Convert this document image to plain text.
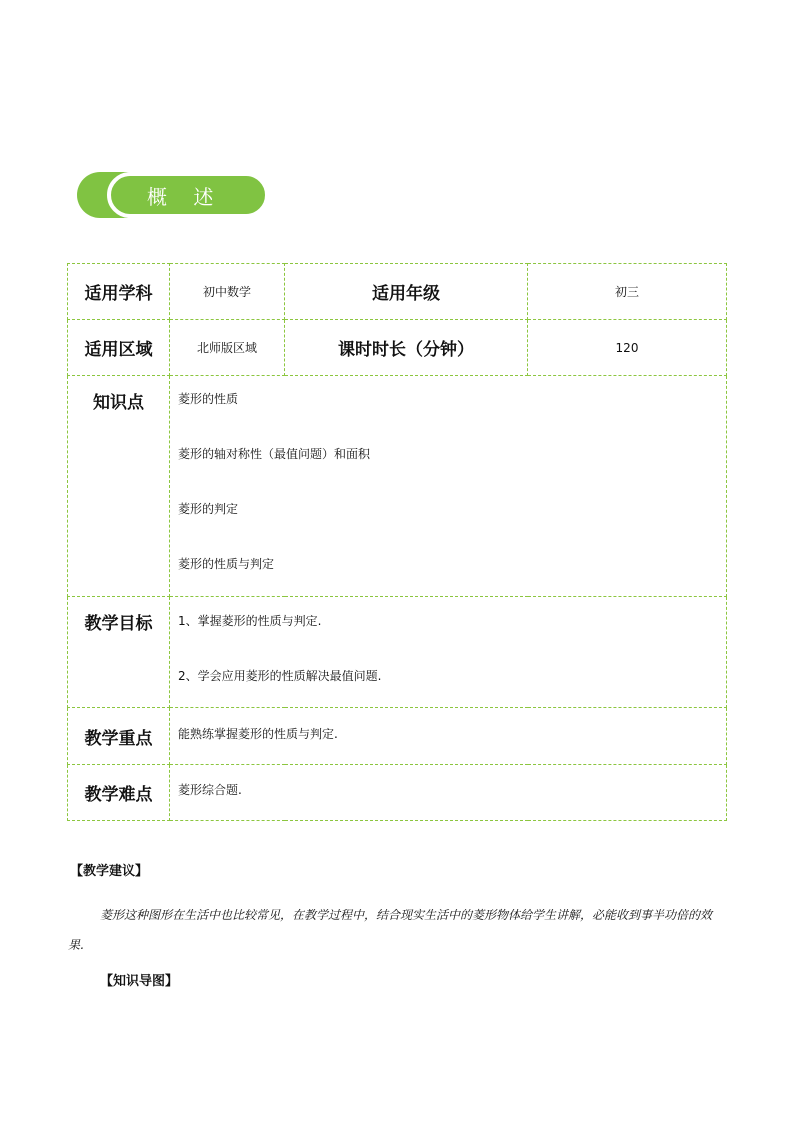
概 述
适用学科	初中数学	适用年级	初三
适用区域	北师版区域	课时时长（分钟）	120
知识点	菱形的性质

菱形的轴对称性（最值问题）和面积

菱形的判定

菱形的性质与判定		

教学目标	1、掌握菱形的性质与判定.

2、学会应用菱形的性质解决最值问题.		

教学重点	能熟练掌握菱形的性质与判定.		
教学难点	菱形综合题.		
【教学建议】

菱形这种图形在生活中也比较常见，在教学过程中，结合现实生活中的菱形物体给学生讲解，必能收到事半功倍的效果.

【知识导图】
